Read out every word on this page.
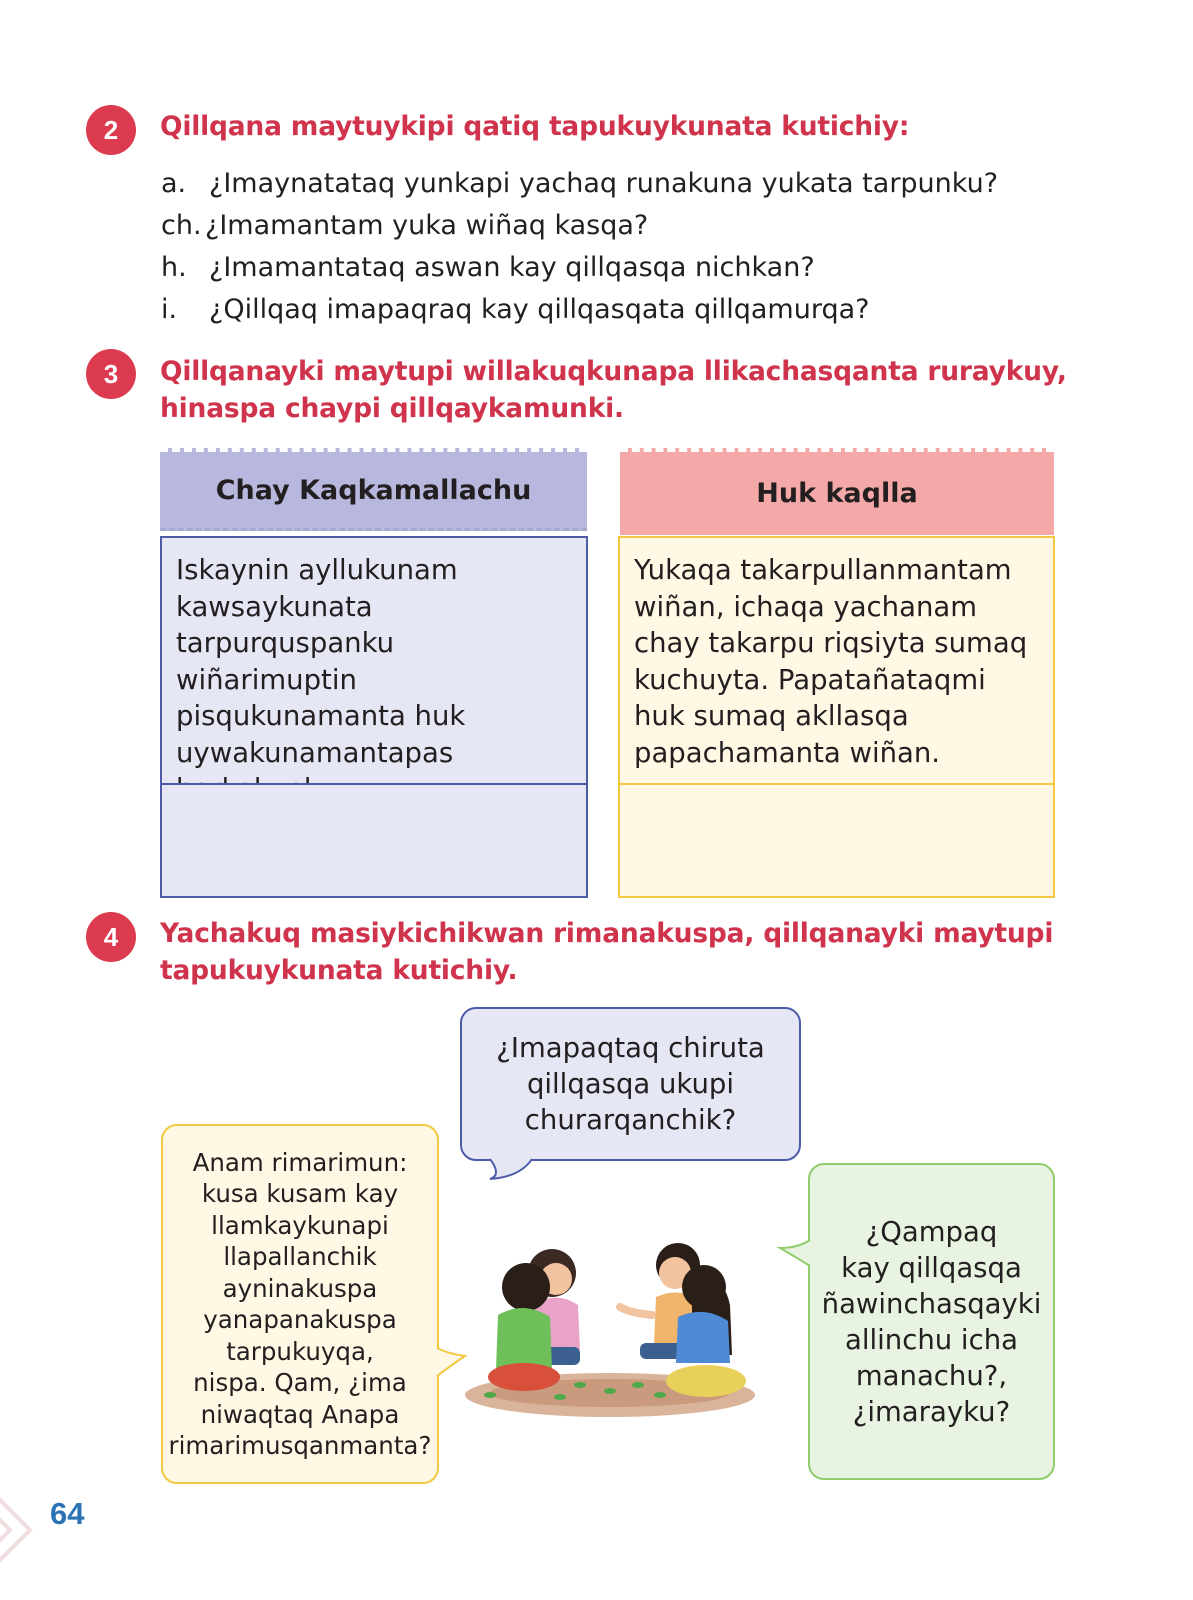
2	Qillqana maytuykipi qatiq tapukuykunata kutichiy:
a. ¿Imaynatataq yunkapi yachaq runakuna yukata tarpunku?
ch. ¿Imamantam yuka wiñaq kasqa?
h. ¿Imamantataq aswan kay qillqasqa nichkan?
i.	¿Qillqaq imapaqraq kay qillqasqata qillqamurqa?
3	Qillqanayki maytupi willakuqkunapa llikachasqanta ruraykuy,
hinaspa chaypi qillqaykamunki.
Chay Kaqkamallachu
Iskaynin ayllukunam
kawsaykunata
tarpurquspanku wiñarimuptin
pisqukunamanta huk
uywakunamantapas
Huk kaqlla
Yukaqa takarpullanmantam
wiñan, ichaqa yachanam
chay takarpu riqsiyta sumaq
kuchuyta. Papatañataqmi
huk sumaq akllasqa
papachamanta wiñan.
4	Yachakuq masiykichikwan rimanakuspa, qillqanayki maytupi
tapukuykunata kutichiy.
¿Imapaqtaq chiruta
qillqasqa ukupi
churarqanchik?
Anam rimarimun:
kusa kusam kay
llamkaykunapi
llapallanchik
ayninakuspa
yanapanakuspa
tarpukuyqa,
nispa. Qam, ¿ima
niwaqtaq Anapa
rimarimusqanmanta?
¿Qampaq
kay qillqasqa
ñawinchasqayki
allinchu icha
manachu?,
¿imarayku?
64
